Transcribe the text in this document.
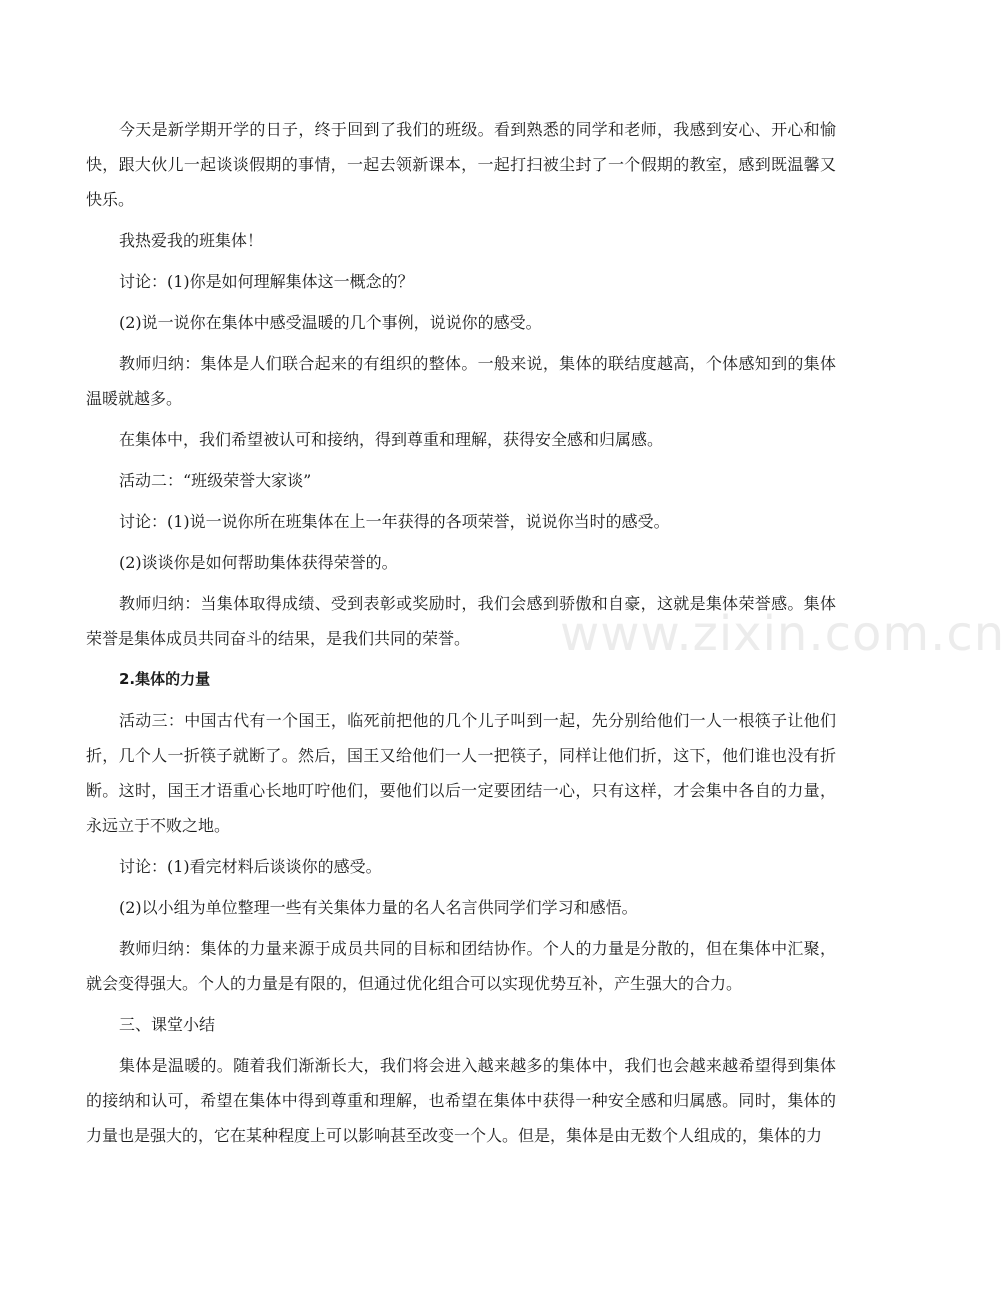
今天是新学期开学的日子，终于回到了我们的班级。看到熟悉的同学和老师，我感到安心、开心和愉快，跟大伙儿一起谈谈假期的事情，一起去领新课本，一起打扫被尘封了一个假期的教室，感到既温馨又快乐。

我热爱我的班集体！

讨论：(1)你是如何理解集体这一概念的？

(2)说一说你在集体中感受温暖的几个事例，说说你的感受。

教师归纳：集体是人们联合起来的有组织的整体。一般来说，集体的联结度越高，个体感知到的集体温暖就越多。

在集体中，我们希望被认可和接纳，得到尊重和理解，获得安全感和归属感。

活动二：“班级荣誉大家谈”

讨论：(1)说一说你所在班集体在上一年获得的各项荣誉，说说你当时的感受。

(2)谈谈你是如何帮助集体获得荣誉的。

教师归纳：当集体取得成绩、受到表彰或奖励时，我们会感到骄傲和自豪，这就是集体荣誉感。集体荣誉是集体成员共同奋斗的结果，是我们共同的荣誉。

2.集体的力量

活动三：中国古代有一个国王，临死前把他的几个儿子叫到一起，先分别给他们一人一根筷子让他们折，几个人一折筷子就断了。然后，国王又给他们一人一把筷子，同样让他们折，这下，他们谁也没有折断。这时，国王才语重心长地叮咛他们，要他们以后一定要团结一心，只有这样，才会集中各自的力量，永远立于不败之地。

讨论：(1)看完材料后谈谈你的感受。

(2)以小组为单位整理一些有关集体力量的名人名言供同学们学习和感悟。

教师归纳：集体的力量来源于成员共同的目标和团结协作。个人的力量是分散的，但在集体中汇聚，就会变得强大。个人的力量是有限的，但通过优化组合可以实现优势互补，产生强大的合力。

三、课堂小结

集体是温暖的。随着我们渐渐长大，我们将会进入越来越多的集体中，我们也会越来越希望得到集体的接纳和认可，希望在集体中得到尊重和理解，也希望在集体中获得一种安全感和归属感。同时，集体的力量也是强大的，它在某种程度上可以影响甚至改变一个人。但是，集体是由无数个人组成的，集体的力

www.zixin.com.cn
